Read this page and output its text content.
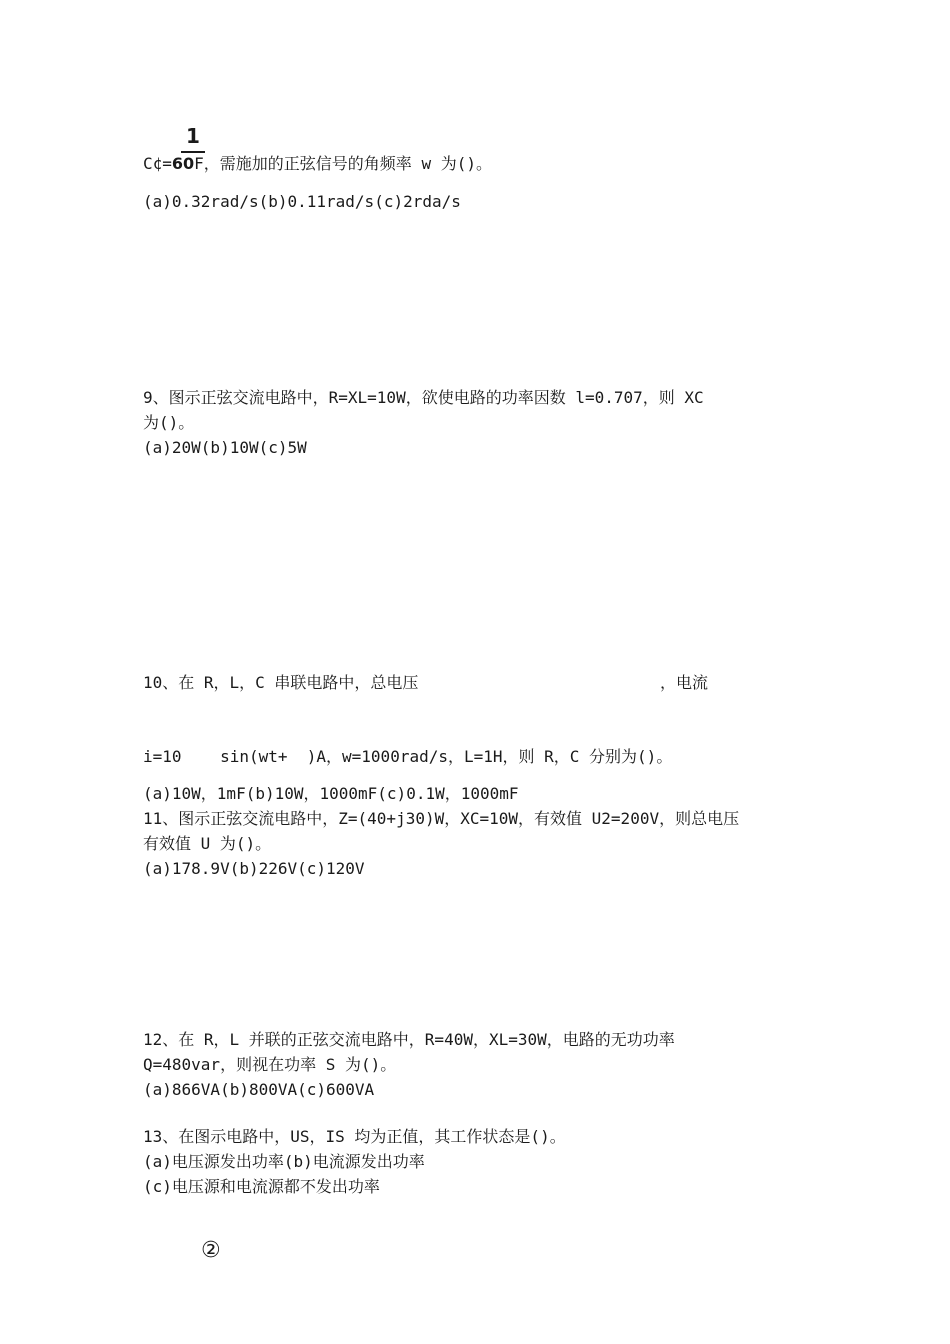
1
C¢=60F，需施加的正弦信号的角频率 w 为()。
(a)0.32rad/s(b)0.11rad/s(c)2rda/s
9、图示正弦交流电路中，R=XL=10W，欲使电路的功率因数 l=0.707，则 XC
为()。
(a)20W(b)10W(c)5W
10、在 R，L，C 串联电路中，总电压	，电流
i=10    sin(wt+  )A，w=1000rad/s，L=1H，则 R，C 分别为()。
(a)10W，1mF(b)10W，1000mF(c)0.1W，1000mF
11、图示正弦交流电路中，Z=(40+j30)W，XC=10W，有效值 U2=200V，则总电压
有效值 U 为()。
(a)178.9V(b)226V(c)120V
12、在 R，L 并联的正弦交流电路中，R=40W，XL=30W，电路的无功功率
Q=480var，则视在功率 S 为()。
(a)866VA(b)800VA(c)600VA
13、在图示电路中，US，IS 均为正值，其工作状态是()。
(a)电压源发出功率(b)电流源发出功率
(c)电压源和电流源都不发出功率
②
